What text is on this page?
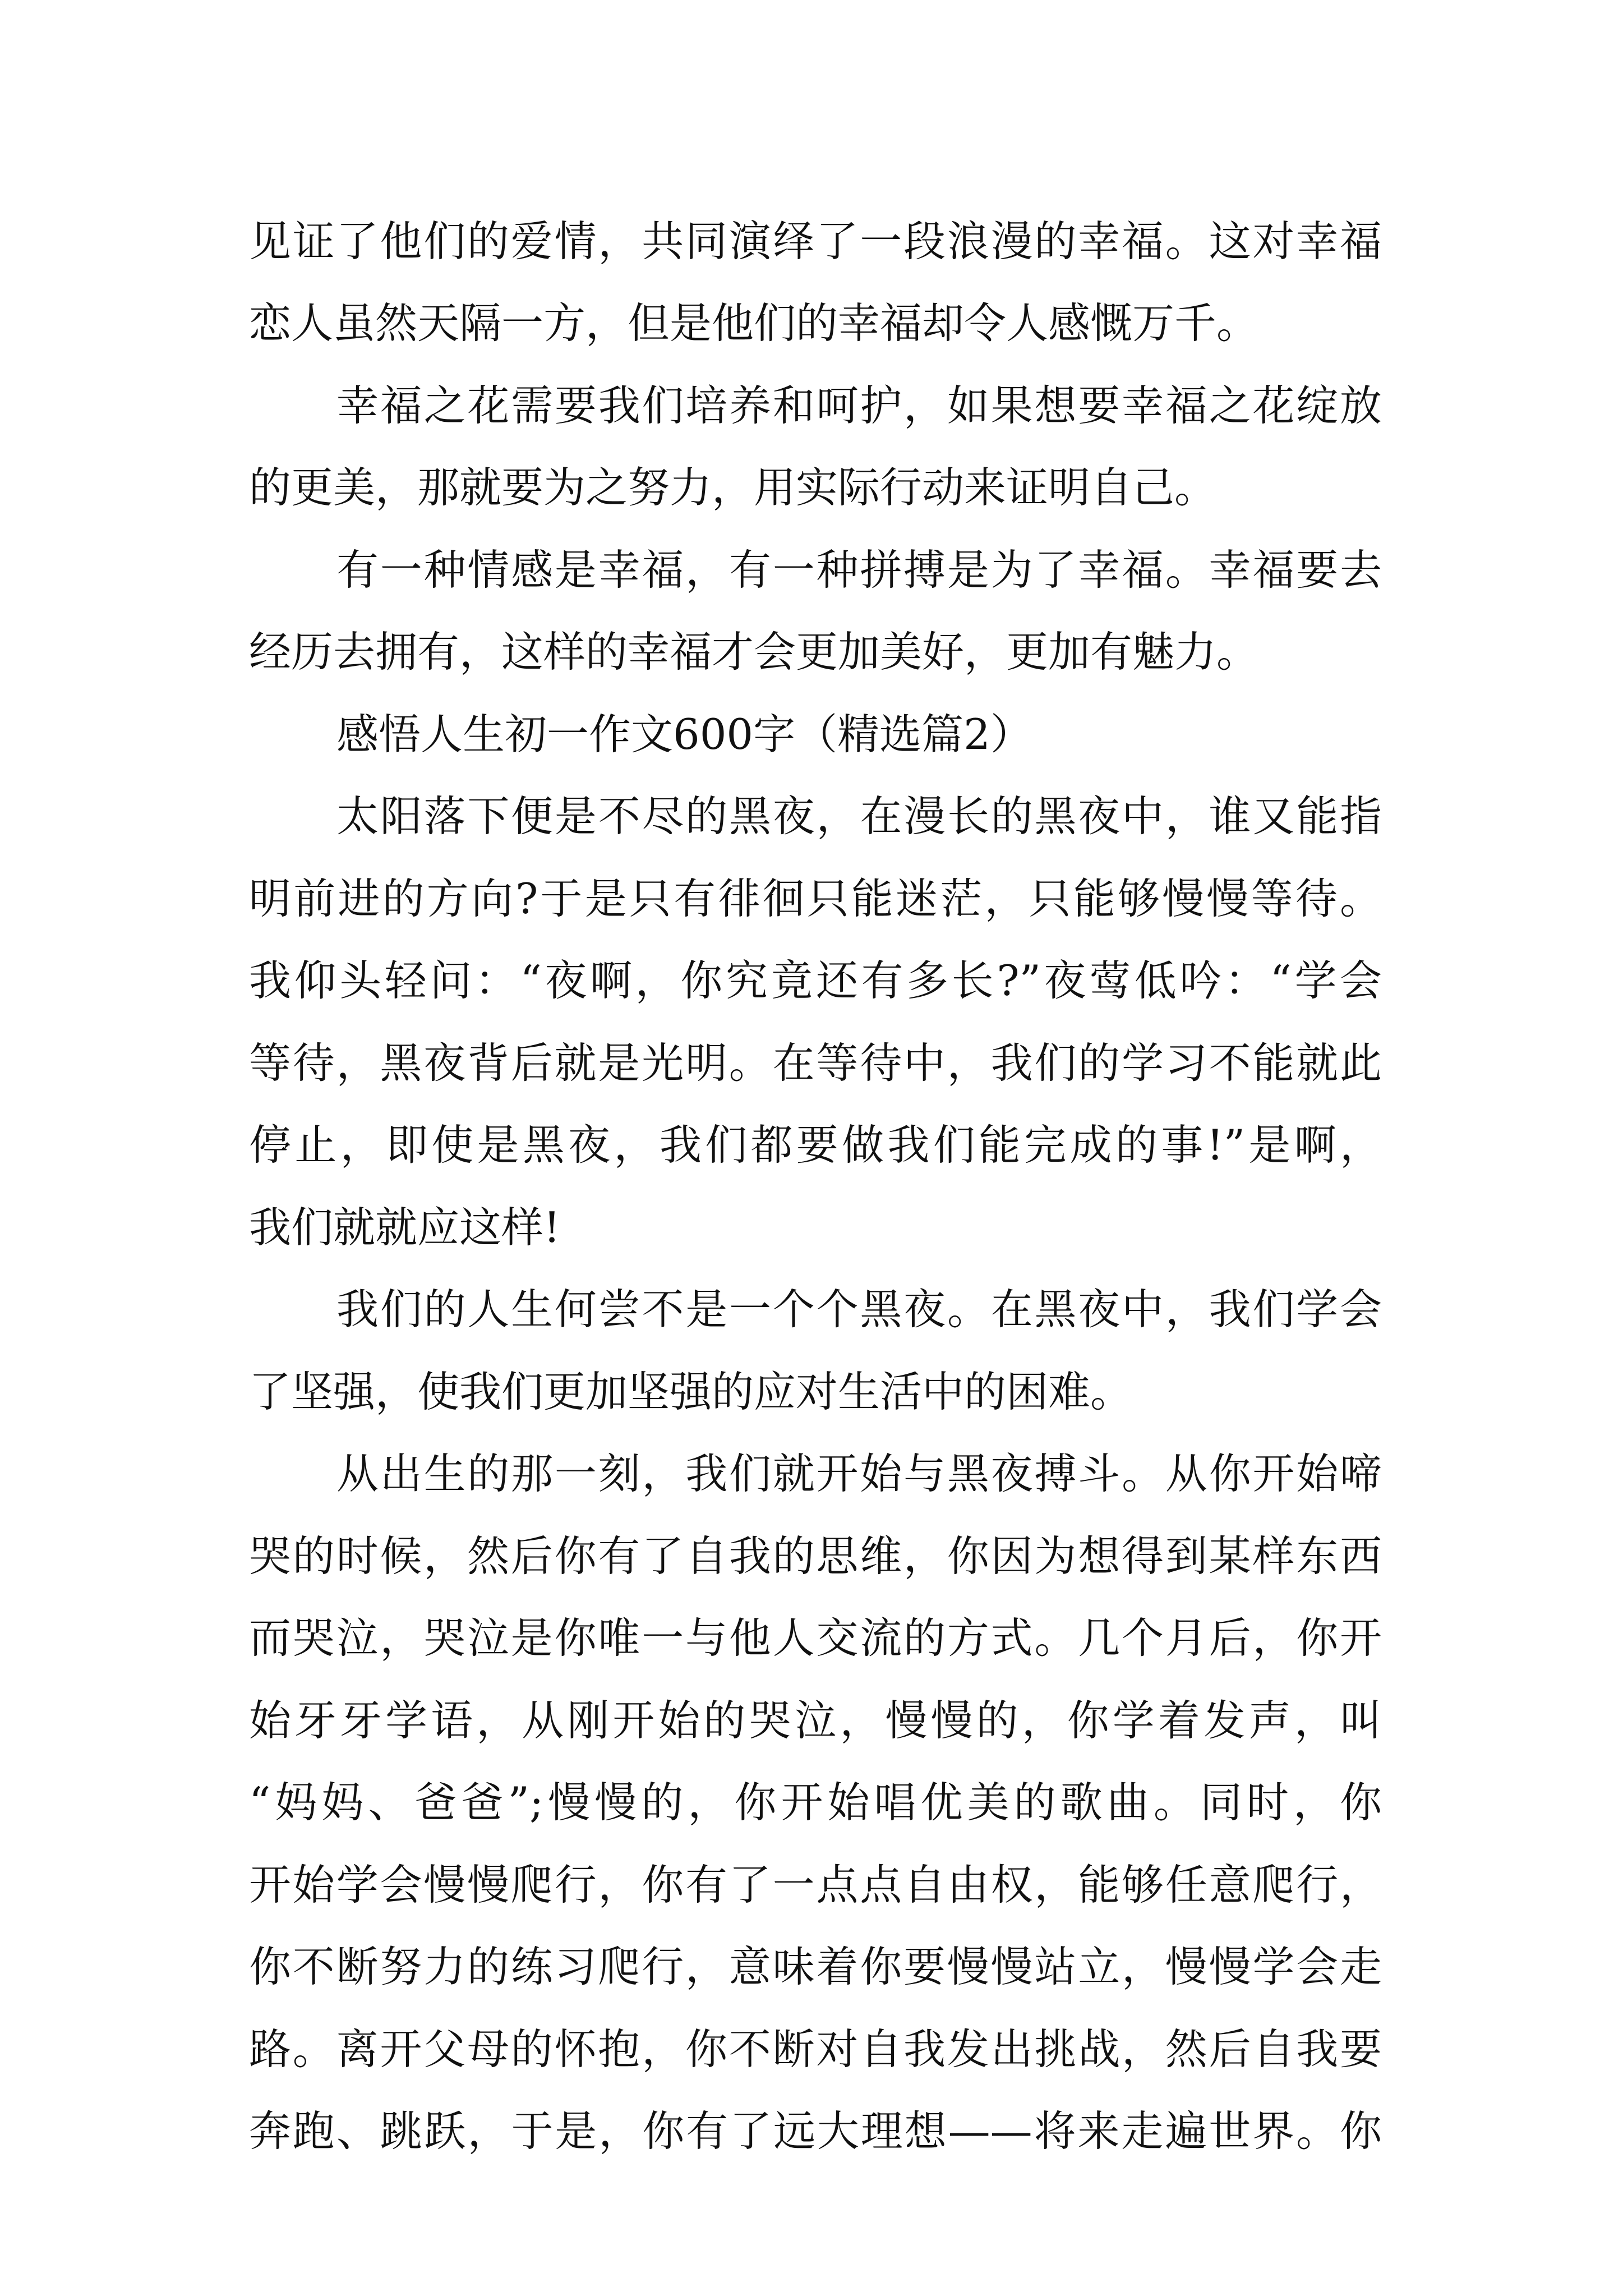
见证了他们的爱情，共同演绎了一段浪漫的幸福。这对幸福
恋人虽然天隔一方，但是他们的幸福却令人感慨万千。
幸福之花需要我们培养和呵护，如果想要幸福之花绽放
的更美，那就要为之努力，用实际行动来证明自己。
有一种情感是幸福，有一种拼搏是为了幸福。幸福要去
经历去拥有，这样的幸福才会更加美好，更加有魅力。
感悟人生初一作文600字（精选篇2）
太阳落下便是不尽的黑夜，在漫长的黑夜中，谁又能指
明前进的方向?于是只有徘徊只能迷茫，只能够慢慢等待。
我仰头轻问：“夜啊，你究竟还有多长?”夜莺低吟：“学会
等待，黑夜背后就是光明。在等待中，我们的学习不能就此
停止，即使是黑夜，我们都要做我们能完成的事!”是啊，
我们就就应这样!
我们的人生何尝不是一个个黑夜。在黑夜中，我们学会
了坚强，使我们更加坚强的应对生活中的困难。
从出生的那一刻，我们就开始与黑夜搏斗。从你开始啼
哭的时候，然后你有了自我的思维，你因为想得到某样东西
而哭泣，哭泣是你唯一与他人交流的方式。几个月后，你开
始牙牙学语，从刚开始的哭泣，慢慢的，你学着发声，叫
“妈妈、爸爸”;慢慢的，你开始唱优美的歌曲。同时，你
开始学会慢慢爬行，你有了一点点自由权，能够任意爬行，
你不断努力的练习爬行，意味着你要慢慢站立，慢慢学会走
路。离开父母的怀抱，你不断对自我发出挑战，然后自我要
奔跑、跳跃，于是，你有了远大理想——将来走遍世界。你
